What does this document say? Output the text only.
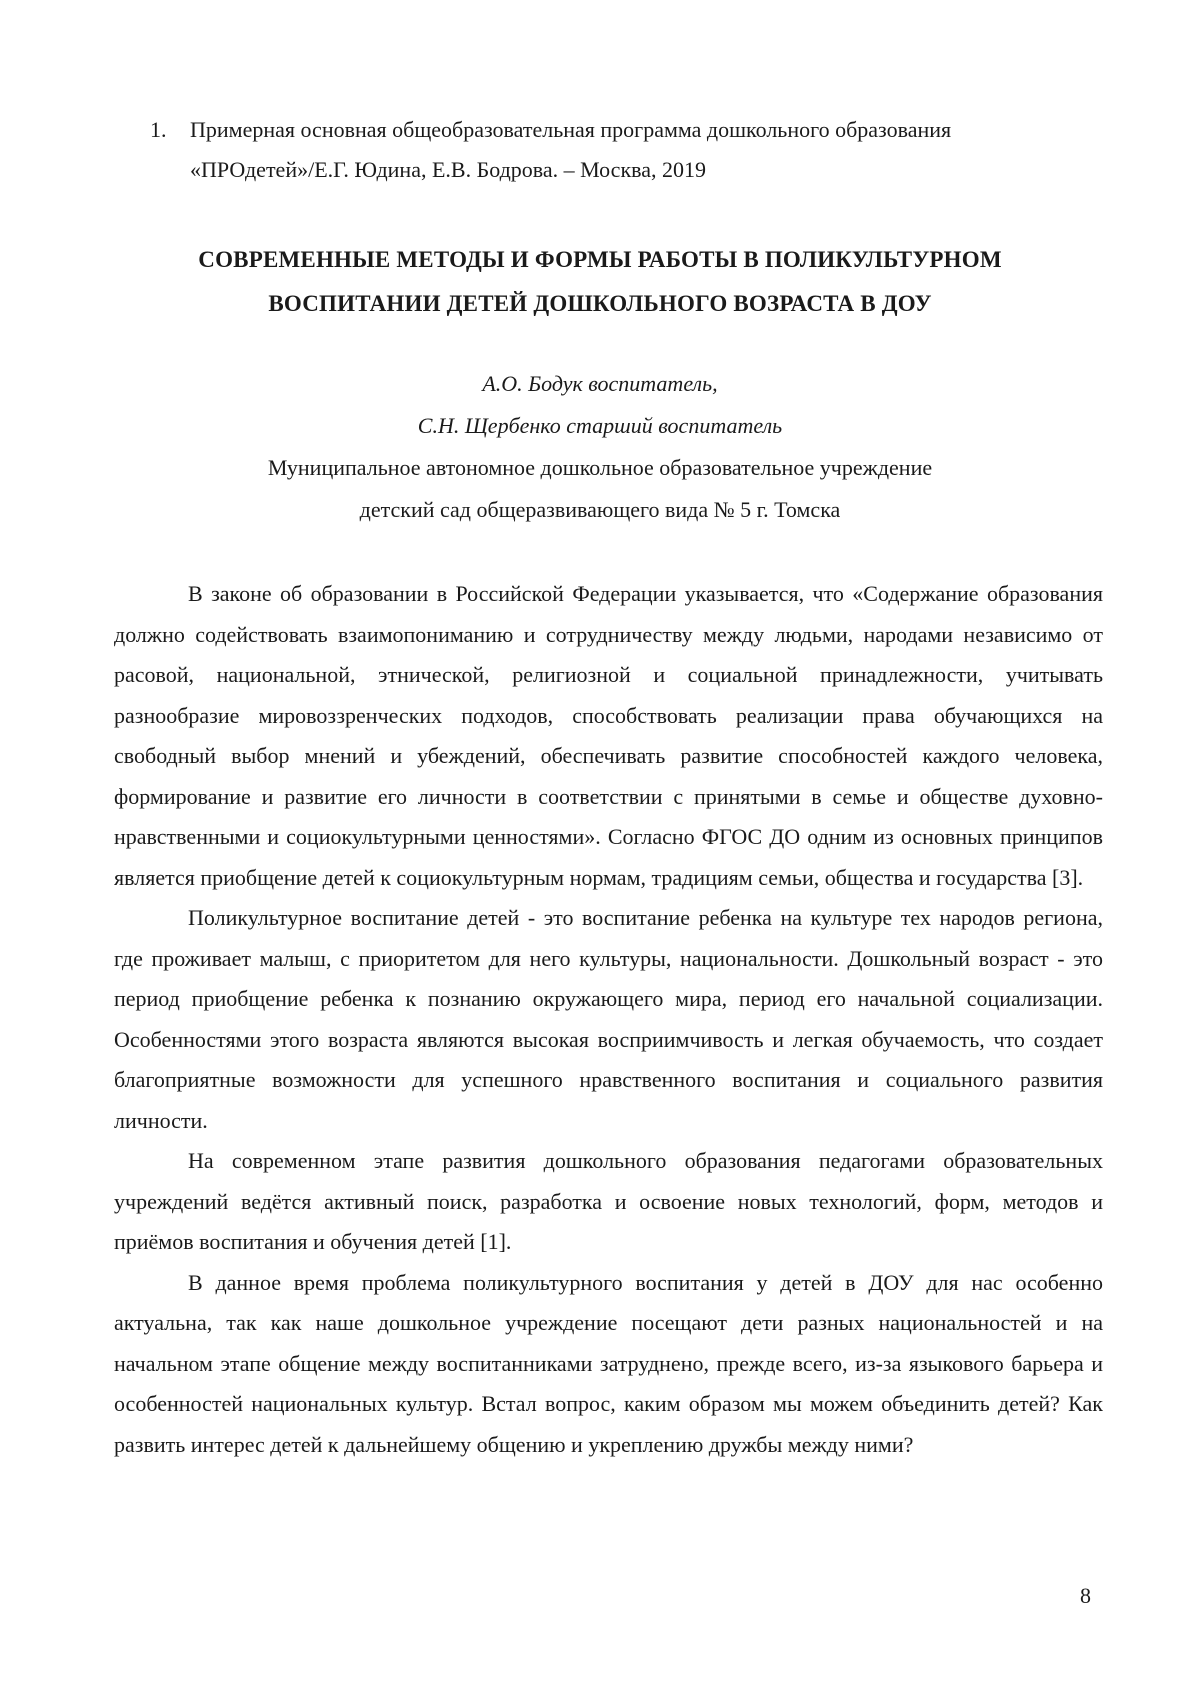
1. Примерная основная общеобразовательная программа дошкольного образования «ПРОдетей»/Е.Г. Юдина, Е.В. Бодрова. – Москва, 2019
СОВРЕМЕННЫЕ МЕТОДЫ И ФОРМЫ РАБОТЫ В ПОЛИКУЛЬТУРНОМ
ВОСПИТАНИИ ДЕТЕЙ ДОШКОЛЬНОГО ВОЗРАСТА В ДОУ
А.О. Бодук воспитатель,
С.Н. Щербенко старший воспитатель
Муниципальное автономное дошкольное образовательное учреждение
детский сад общеразвивающего вида № 5 г. Томска

В законе об образовании в Российской Федерации указывается, что «Содержание образования должно содействовать взаимопониманию и сотрудничеству между людьми, народами независимо от расовой, национальной, этнической, религиозной и социальной принадлежности, учитывать разнообразие мировоззренческих подходов, способствовать реализации права обучающихся на свободный выбор мнений и убеждений, обеспечивать развитие способностей каждого человека, формирование и развитие его личности в соответствии с принятыми в семье и обществе духовно-нравственными и социокультурными ценностями». Согласно ФГОС ДО одним из основных принципов является приобщение детей к социокультурным нормам, традициям семьи, общества и государства [3].

Поликультурное воспитание детей - это воспитание ребенка на культуре тех народов региона, где проживает малыш, с приоритетом для него культуры, национальности. Дошкольный возраст - это период приобщение ребенка к познанию окружающего мира, период его начальной социализации. Особенностями этого возраста являются высокая восприимчивость и легкая обучаемость, что создает благоприятные возможности для успешного нравственного воспитания и социального развития личности.

На современном этапе развития дошкольного образования педагогами образовательных учреждений ведётся активный поиск, разработка и освоение новых технологий, форм, методов и приёмов воспитания и обучения детей [1].

В данное время проблема поликультурного воспитания у детей в ДОУ для нас особенно актуальна, так как наше дошкольное учреждение посещают дети разных национальностей и на начальном этапе общение между воспитанниками затруднено, прежде всего, из-за языкового барьера и особенностей национальных культур. Встал вопрос, каким образом мы можем объединить детей? Как развить интерес детей к дальнейшему общению и укреплению дружбы между ними?

8
